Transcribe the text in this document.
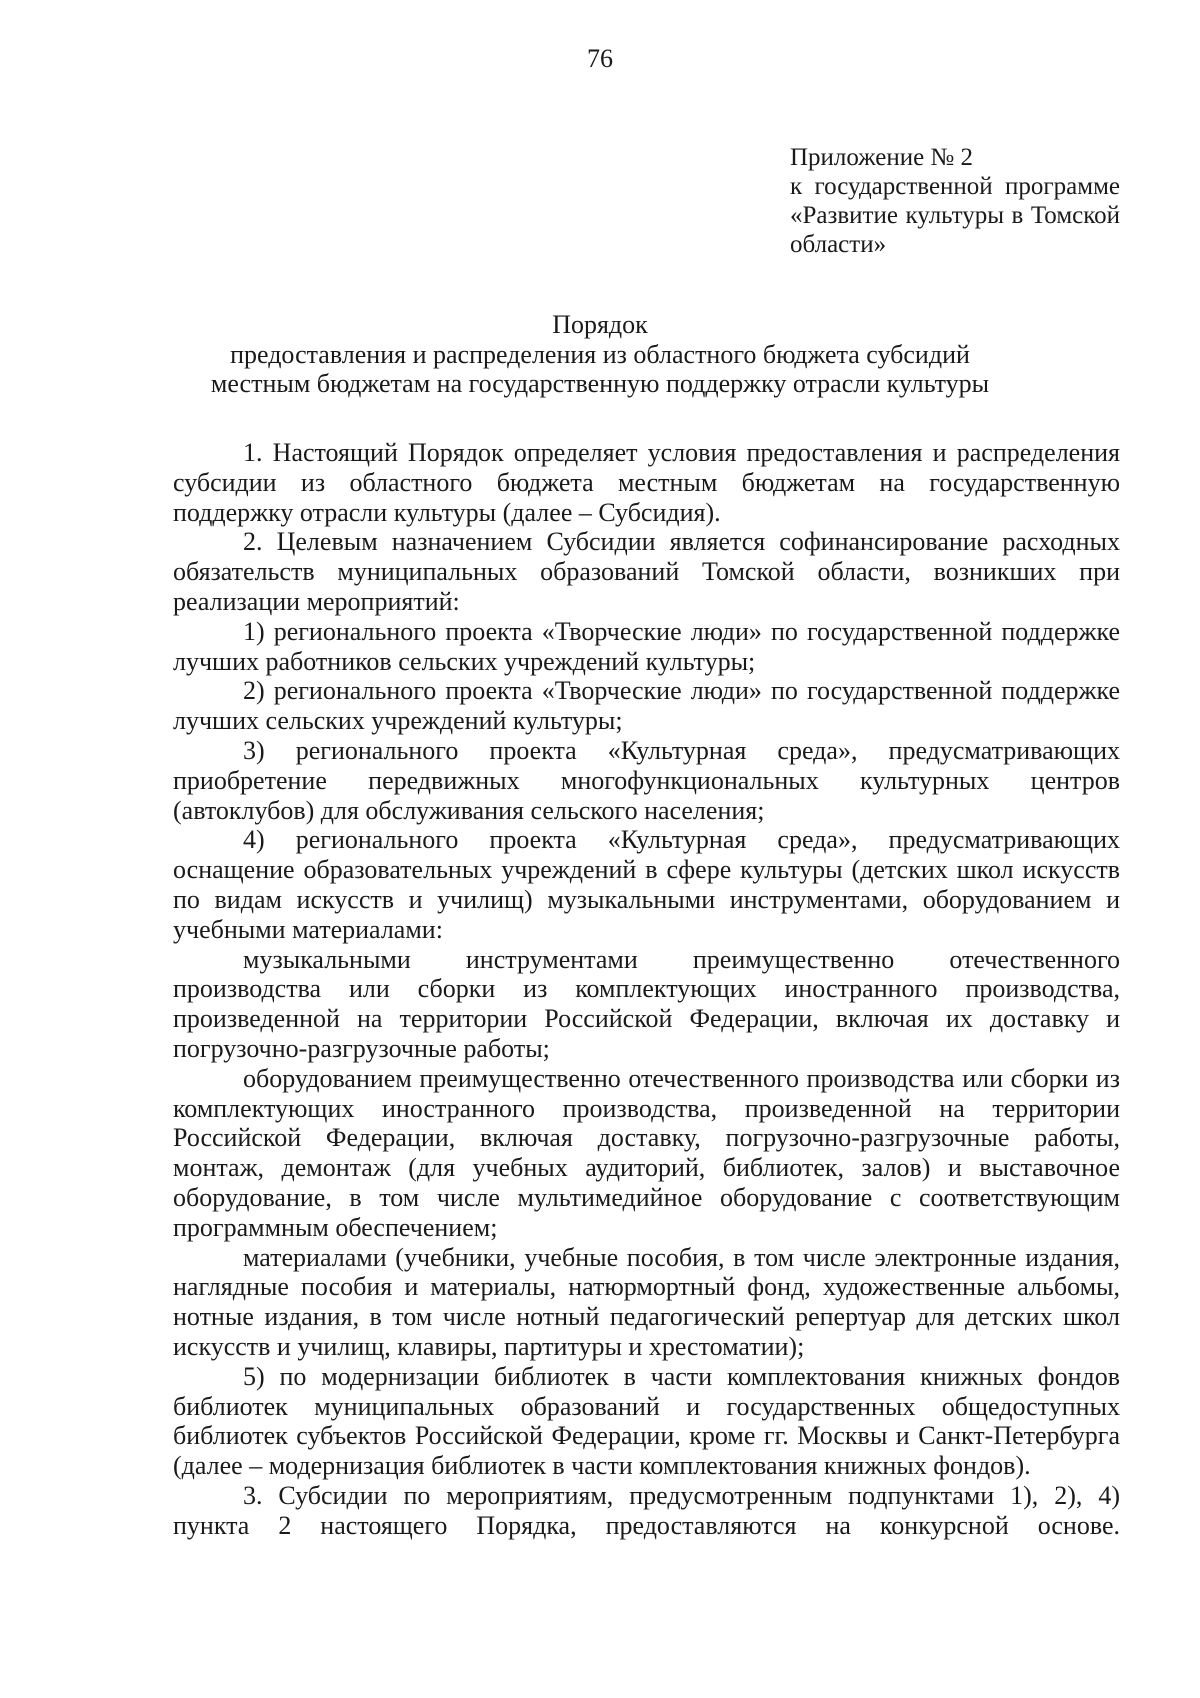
76
Приложение № 2
к государственной программе
«Развитие культуры в Томской
области»
Порядок
предоставления и распределения из областного бюджета субсидий
местным бюджетам на государственную поддержку отрасли культуры

1. Настоящий Порядок определяет условия предоставления и распределения субсидии из областного бюджета местным бюджетам на государственную поддержку отрасли культуры (далее – Субсидия).

2. Целевым назначением Субсидии является софинансирование расходных обязательств муниципальных образований Томской области, возникших при реализации мероприятий:

1) регионального проекта «Творческие люди» по государственной поддержке лучших работников сельских учреждений культуры;

2) регионального проекта «Творческие люди» по государственной поддержке лучших сельских учреждений культуры;

3) регионального проекта «Культурная среда», предусматривающих приобретение передвижных многофункциональных культурных центров (автоклубов) для обслуживания сельского населения;

4) регионального проекта «Культурная среда», предусматривающих оснащение образовательных учреждений в сфере культуры (детских школ искусств по видам искусств и училищ) музыкальными инструментами, оборудованием и учебными материалами:

музыкальными инструментами преимущественно отечественного производства или сборки из комплектующих иностранного производства, произведенной на территории Российской Федерации, включая их доставку и погрузочно-разгрузочные работы;

оборудованием преимущественно отечественного производства или сборки из комплектующих иностранного производства, произведенной на территории Российской Федерации, включая доставку, погрузочно-разгрузочные работы, монтаж, демонтаж (для учебных аудиторий, библиотек, залов) и выставочное оборудование, в том числе мультимедийное оборудование с соответствующим программным обеспечением;

материалами (учебники, учебные пособия, в том числе электронные издания, наглядные пособия и материалы, натюрмортный фонд, художественные альбомы, нотные издания, в том числе нотный педагогический репертуар для детских школ искусств и училищ, клавиры, партитуры и хрестоматии);

5) по модернизации библиотек в части комплектования книжных фондов библиотек муниципальных образований и государственных общедоступных библиотек субъектов Российской Федерации, кроме гг. Москвы и Санкт-Петербурга (далее – модернизация библиотек в части комплектования книжных фондов).

3. Субсидии по мероприятиям, предусмотренным подпунктами 1), 2), 4) пункта 2 настоящего Порядка, предоставляются на конкурсной основе.
